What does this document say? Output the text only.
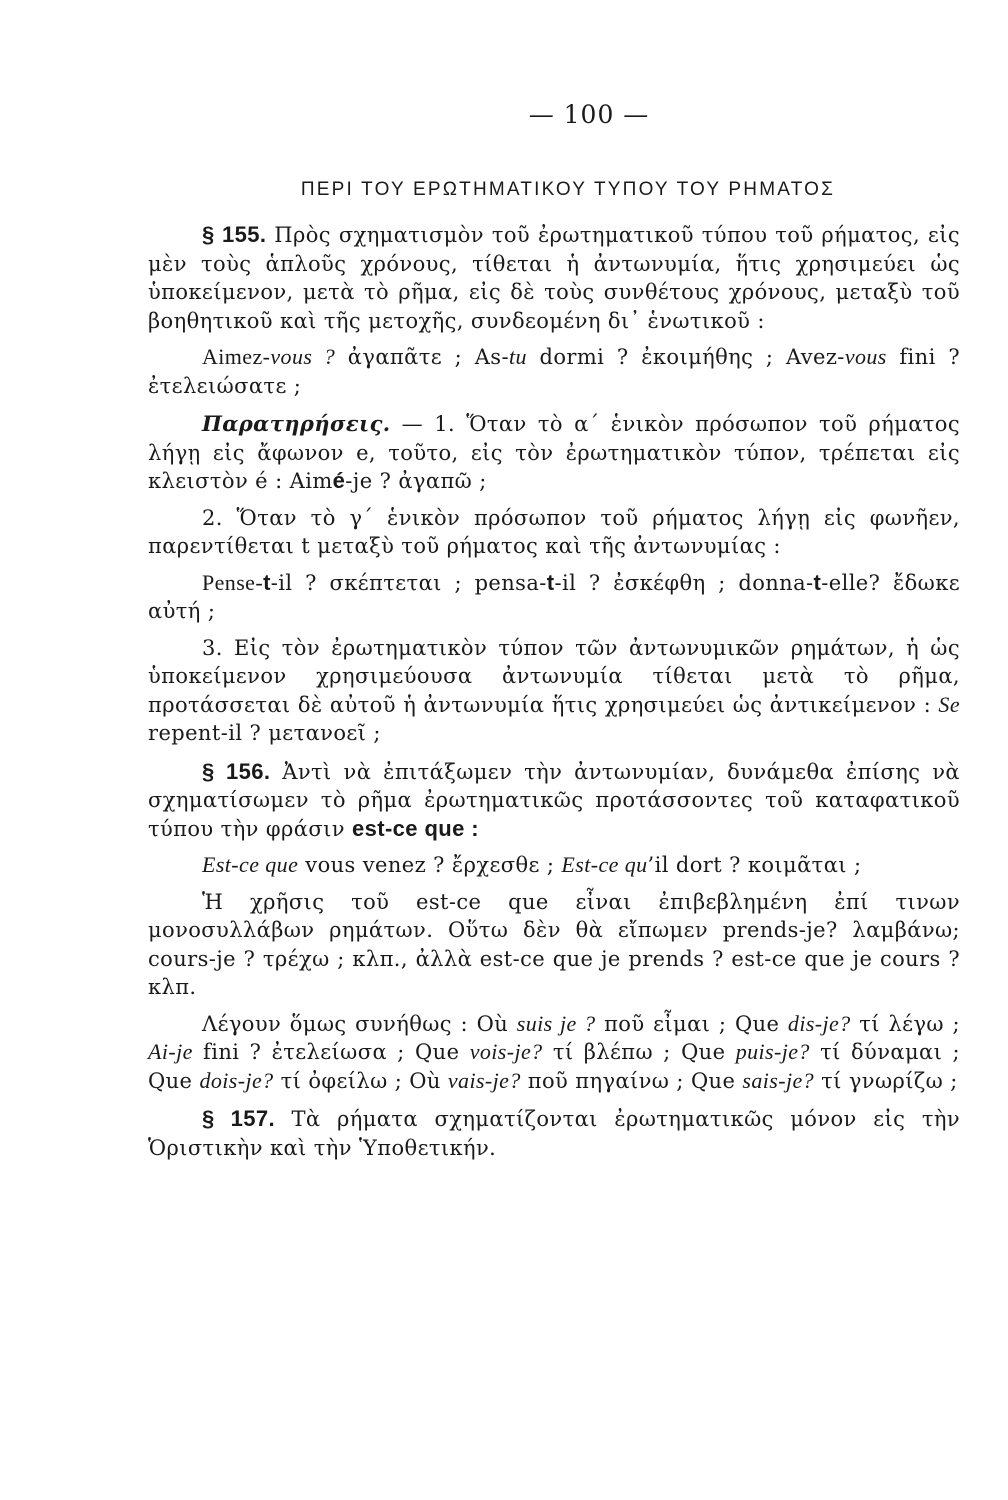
— 100 —
ΠΕΡΙ ΤΟΥ ΕΡΩΤΗΜΑΤΙΚΟΥ ΤΥΠΟΥ ΤΟΥ ΡΗΜΑΤΟΣ

§ 155. Πρὸς σχηματισμὸν τοῦ ἐρωτηματικοῦ τύπου τοῦ ρήματος, εἰς μὲν τοὺς ἁπλοῦς χρόνους, τίθεται ἡ ἀντωνυμία, ἥτις χρησιμεύει ὡς ὑποκείμενον, μετὰ τὸ ρῆμα, εἰς δὲ τοὺς συνθέτους χρόνους, μεταξὺ τοῦ βοηθητικοῦ καὶ τῆς μετοχῆς, συνδεομένη δι᾽ ἑνωτικοῦ :

Aimez-vous ? ἀγαπᾶτε ; As-tu dormi ? ἐκοιμήθης ; Avez-vous fini ? ἐτελειώσατε ;

Παρατηρήσεις. — 1. Ὅταν τὸ α´ ἑνικὸν πρόσωπον τοῦ ρήματος λήγῃ εἰς ἄφωνον e, τοῦτο, εἰς τὸν ἐρωτηματικὸν τύπον, τρέπεται εἰς κλειστὸν é : Aimé-je ? ἀγαπῶ ;

2. Ὅταν τὸ γ´ ἑνικὸν πρόσωπον τοῦ ρήματος λήγῃ εἰς φωνῆεν, παρεντίθεται t μεταξὺ τοῦ ρήματος καὶ τῆς ἀντωνυμίας :

Pense-t-il ? σκέπτεται ; pensa-t-il ? ἐσκέφθη ; donna-t-elle? ἔδωκε αὐτή ;

3. Εἰς τὸν ἐρωτηματικὸν τύπον τῶν ἀντωνυμικῶν ρημάτων, ἡ ὡς ὑποκείμενον χρησιμεύουσα ἀντωνυμία τίθεται μετὰ τὸ ρῆμα, προτάσσεται δὲ αὐτοῦ ἡ ἀντωνυμία ἥτις χρησιμεύει ὡς ἀντικείμενον : Se repent-il ? μετανοεῖ ;

§ 156. Ἀντὶ νὰ ἐπιτάξωμεν τὴν ἀντωνυμίαν, δυνάμεθα ἐπίσης νὰ σχηματίσωμεν τὸ ρῆμα ἐρωτηματικῶς προτάσσοντες τοῦ καταφατικοῦ τύπου τὴν φράσιν est-ce que :

Est-ce que vous venez ? ἔρχεσθε ; Est-ce qu’il dort ? κοιμᾶται ;

Ἡ χρῆσις τοῦ est-ce que εἶναι ἐπιβεβλημένη ἐπί τινων μονοσυλλάβων ρημάτων. Οὕτω δὲν θὰ εἴπωμεν prends-je? λαμβάνω; cours-je ? τρέχω ; κλπ., ἀλλὰ est-ce que je prends ? est-ce que je cours ? κλπ.

Λέγουν ὅμως συνήθως : Où suis je ? ποῦ εἶμαι ; Que dis-je? τί λέγω ; Ai-je fini ? ἐτελείωσα ; Que vois-je? τί βλέπω ; Que puis-je? τί δύναμαι ; Que dois-je? τί ὀφείλω ; Où vais-je? ποῦ πηγαίνω ; Que sais-je? τί γνωρίζω ;

§ 157. Τὰ ρήματα σχηματίζονται ἐρωτηματικῶς μόνον εἰς τὴν Ὁριστικὴν καὶ τὴν Ὑποθετικήν.
